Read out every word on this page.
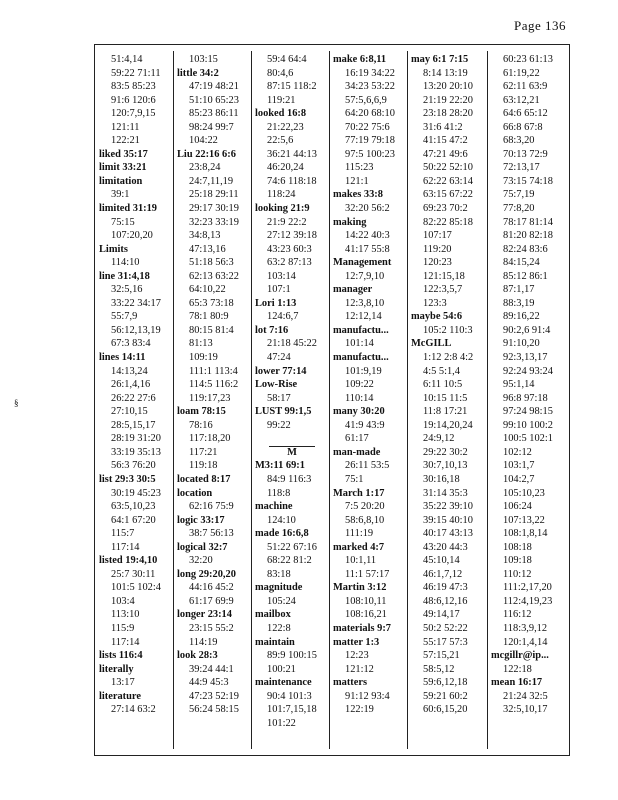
Page 136
§
51:4,14
59:22 71:11
83:5 85:23
91:6 120:6
120:7,9,15
121:11
122:21
liked 35:17
limit 33:21
limitation
39:1
limited 31:19
75:15
107:20,20
Limits
114:10
line 31:4,18
32:5,16
33:22 34:17
55:7,9
56:12,13,19
67:3 83:4
lines 14:11
14:13,24
26:1,4,16
26:22 27:6
27:10,15
28:5,15,17
28:19 31:20
33:19 35:13
56:3 76:20
list 29:3 30:5
30:19 45:23
63:5,10,23
64:1 67:20
115:7
117:14
listed 19:4,10
25:7 30:11
101:5 102:4
103:4
113:10
115:9
117:14
lists 116:4
literally
13:17
literature
27:14 63:2
103:15
little 34:2
47:19 48:21
51:10 65:23
85:23 86:11
98:24 99:7
104:22
Liu 22:16 6:6
23:8,24
24:7,11,19
25:18 29:11
29:17 30:19
32:23 33:19
34:8,13
47:13,16
51:18 56:3
62:13 63:22
64:10,22
65:3 73:18
78:1 80:9
80:15 81:4
81:13
109:19
111:1 113:4
114:5 116:2
119:17,23
loam 78:15
78:16
117:18,20
117:21
119:18
located 8:17
location
62:16 75:9
logic 33:17
38:7 56:13
logical 32:7
32:20
long 29:20,20
44:16 45:2
61:17 69:9
longer 23:14
23:15 55:2
114:19
look 28:3
39:24 44:1
44:9 45:3
47:23 52:19
56:24 58:15
59:4 64:4
80:4,6
87:15 118:2
119:21
looked 16:8
21:22,23
22:5,6
36:21 44:13
46:20,24
74:6 118:18
118:24
looking 21:9
21:9 22:2
27:12 39:18
43:23 60:3
63:2 87:13
103:14
107:1
Lori 1:13
124:6,7
lot 7:16
21:18 45:22
47:24
lower 77:14
Low-Rise
58:17
LUST 99:1,5
99:22
M
M3:11 69:1
84:9 116:3
118:8
machine
124:10
made 16:6,8
51:22 67:16
68:22 81:2
83:18
magnitude
105:24
mailbox
122:8
maintain
89:9 100:15
100:21
maintenance
90:4 101:3
101:7,15,18
101:22
make 6:8,11
16:19 34:22
34:23 53:22
57:5,6,6,9
64:20 68:10
70:22 75:6
77:19 79:18
97:5 100:23
115:23
121:1
makes 33:8
32:20 56:2
making
14:22 40:3
41:17 55:8
Management
12:7,9,10
manager
12:3,8,10
12:12,14
manufactu...
101:14
manufactu...
101:9,19
109:22
110:14
many 30:20
41:9 43:9
61:17
man-made
26:11 53:5
75:1
March 1:17
7:5 20:20
58:6,8,10
111:19
marked 4:7
10:1,11
11:1 57:17
Martin 3:12
108:10,11
108:16,21
materials 9:7
matter 1:3
12:23
121:12
matters
91:12 93:4
122:19
may 6:1 7:15
8:14 13:19
13:20 20:10
21:19 22:20
23:18 28:20
31:6 41:2
41:15 47:2
47:21 49:6
50:22 52:10
62:22 63:14
63:15 67:22
69:23 70:2
82:22 85:18
107:17
119:20
120:23
121:15,18
122:3,5,7
123:3
maybe 54:6
105:2 110:3
McGILL
1:12 2:8 4:2
4:5 5:1,4
6:11 10:5
10:15 11:5
11:8 17:21
19:14,20,24
24:9,12
29:22 30:2
30:7,10,13
30:16,18
31:14 35:3
35:22 39:10
39:15 40:10
40:17 43:13
43:20 44:3
45:10,14
46:1,7,12
46:19 47:3
48:6,12,16
49:14,17
50:2 52:22
55:17 57:3
57:15,21
58:5,12
59:6,12,18
59:21 60:2
60:6,15,20
60:23 61:13
61:19,22
62:11 63:9
63:12,21
64:6 65:12
66:8 67:8
68:3,20
70:13 72:9
72:13,17
73:15 74:18
75:7,19
77:8,20
78:17 81:14
81:20 82:18
82:24 83:6
84:15,24
85:12 86:1
87:1,17
88:3,19
89:16,22
90:2,6 91:4
91:10,20
92:3,13,17
92:24 93:24
95:1,14
96:8 97:18
97:24 98:15
99:10 100:2
100:5 102:1
102:12
103:1,7
104:2,7
105:10,23
106:24
107:13,22
108:1,8,14
108:18
109:18
110:12
111:2,17,20
112:4,19,23
116:12
118:3,9,12
120:1,4,14
mcgillr@ip...
122:18
mean 16:17
21:24 32:5
32:5,10,17
